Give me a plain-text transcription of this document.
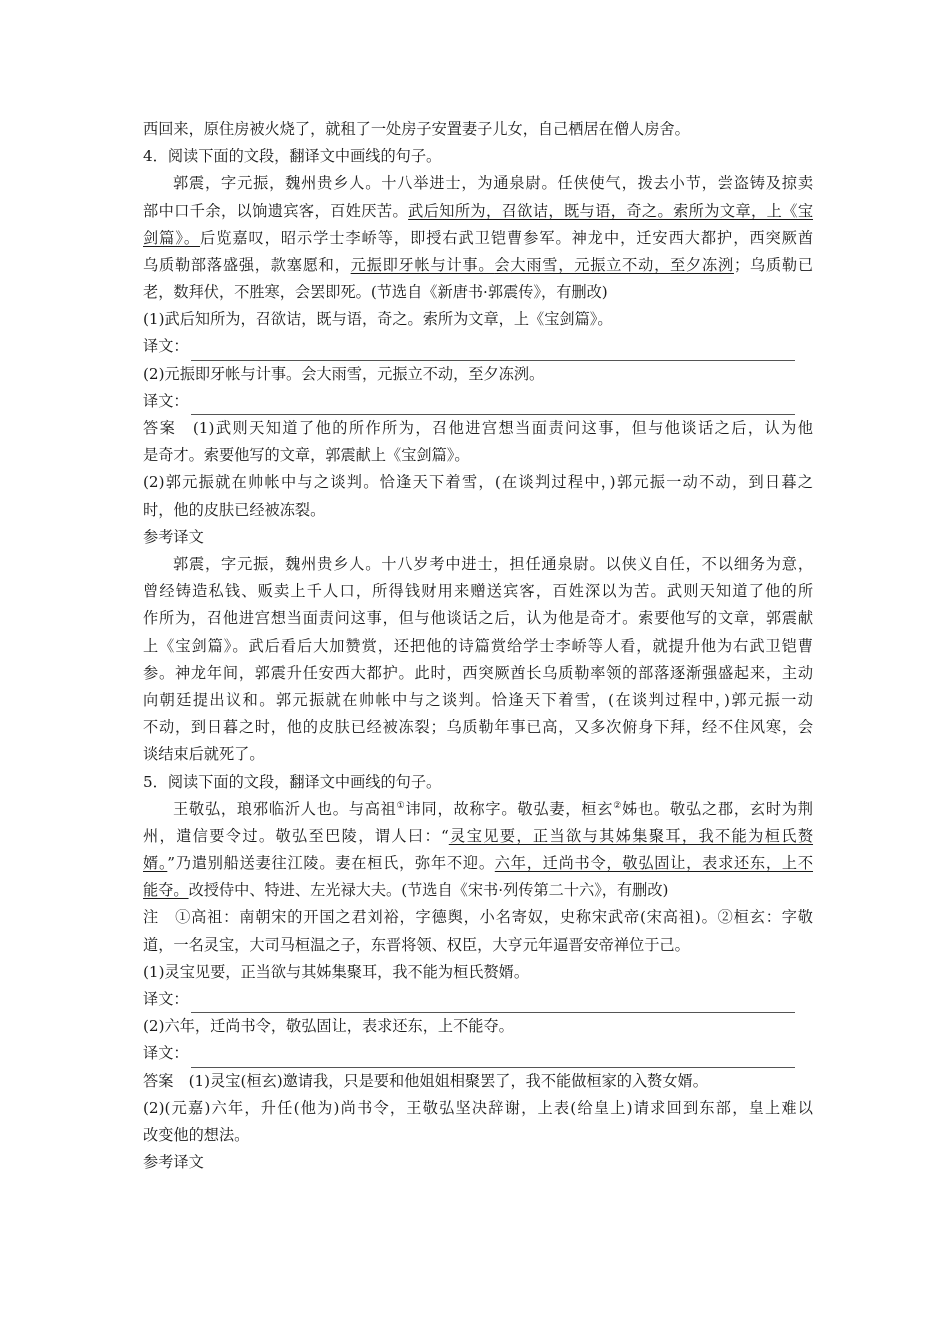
西回来，原住房被火烧了，就租了一处房子安置妻子儿女，自己栖居在僧人房舍。
4．阅读下面的文段，翻译文中画线的句子。
郭震，字元振，魏州贵乡人。十八举进士，为通泉尉。任侠使气，拨去小节，尝盗铸及掠卖
部中口千余，以饷遗宾客，百姓厌苦。武后知所为，召欲诘，既与语，奇之。索所为文章，上《宝
剑篇》。后览嘉叹，昭示学士李峤等，即授右武卫铠曹参军。神龙中，迁安西大都护，西突厥酋
乌质勒部落盛强，款塞愿和，元振即牙帐与计事。会大雨雪，元振立不动，至夕冻洌；乌质勒已
老，数拜伏，不胜寒，会罢即死。(节选自《新唐书·郭震传》，有删改)
(1)武后知所为，召欲诘，既与语，奇之。索所为文章，上《宝剑篇》。
译文：
(2)元振即牙帐与计事。会大雨雪，元振立不动，至夕冻洌。
译文：
答案　(1)武则天知道了他的所作所为，召他进宫想当面责问这事，但与他谈话之后，认为他
是奇才。索要他写的文章，郭震献上《宝剑篇》。
(2)郭元振就在帅帐中与之谈判。恰逢天下着雪，(在谈判过程中，)郭元振一动不动，到日暮之
时，他的皮肤已经被冻裂。
参考译文
郭震，字元振，魏州贵乡人。十八岁考中进士，担任通泉尉。以侠义自任，不以细务为意，
曾经铸造私钱、贩卖上千人口，所得钱财用来赠送宾客，百姓深以为苦。武则天知道了他的所
作所为，召他进宫想当面责问这事，但与他谈话之后，认为他是奇才。索要他写的文章，郭震献
上《宝剑篇》。武后看后大加赞赏，还把他的诗篇赏给学士李峤等人看，就提升他为右武卫铠曹
参。神龙年间，郭震升任安西大都护。此时，西突厥酋长乌质勒率领的部落逐渐强盛起来，主动
向朝廷提出议和。郭元振就在帅帐中与之谈判。恰逢天下着雪，(在谈判过程中，)郭元振一动
不动，到日暮之时，他的皮肤已经被冻裂；乌质勒年事已高，又多次俯身下拜，经不住风寒，会
谈结束后就死了。
5．阅读下面的文段，翻译文中画线的句子。
王敬弘，琅邪临沂人也。与高祖①讳同，故称字。敬弘妻，桓玄②姊也。敬弘之郡，玄时为荆
州，遣信要令过。敬弘至巴陵，谓人曰：“灵宝见要，正当欲与其姊集聚耳，我不能为桓氏赘
婿。”乃遣别船送妻往江陵。妻在桓氏，弥年不迎。六年，迁尚书令，敬弘固让，表求还东，上不
能夺。改授侍中、特进、左光禄大夫。(节选自《宋书·列传第二十六》，有删改)
注　①高祖：南朝宋的开国之君刘裕，字德舆，小名寄奴，史称宋武帝(宋高祖)。②桓玄：字敬
道，一名灵宝，大司马桓温之子，东晋将领、权臣，大亨元年逼晋安帝禅位于己。
(1)灵宝见要，正当欲与其姊集聚耳，我不能为桓氏赘婿。
译文：
(2)六年，迁尚书令，敬弘固让，表求还东，上不能夺。
译文：
答案　(1)灵宝(桓玄)邀请我，只是要和他姐姐相聚罢了，我不能做桓家的入赘女婿。
(2)(元嘉)六年，升任(他为)尚书令，王敬弘坚决辞谢，上表(给皇上)请求回到东部，皇上难以
改变他的想法。
参考译文
